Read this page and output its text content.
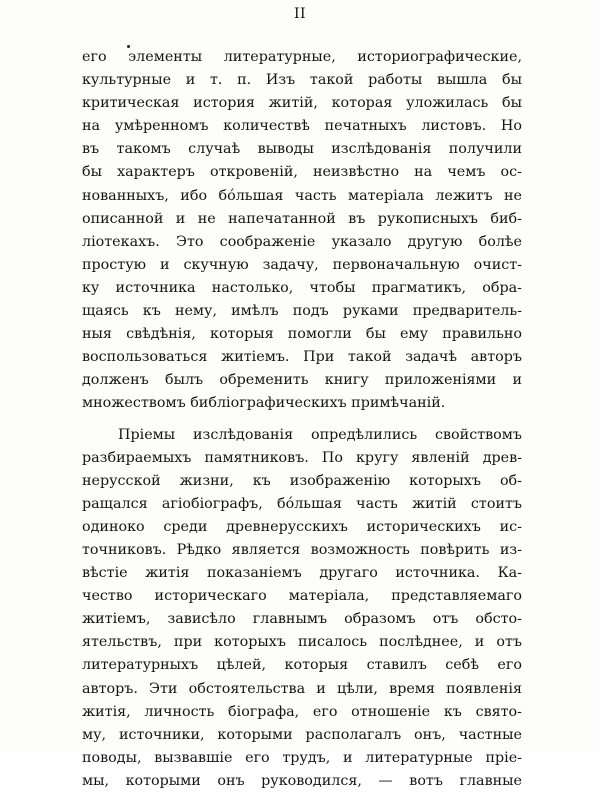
II
его элементы литературные, историографические,
культурные и т. п. Изъ такой работы вышла бы
критическая история житій, которая уложилась бы
на умѣренномъ количествѣ печатныхъ листовъ. Но
въ такомъ случаѣ выводы изслѣдованія получили
бы характеръ откровеній, неизвѣстно на чемъ ос-
нованныхъ, ибо бóльшая часть матеріала лежитъ не
описанной и не напечатанной въ рукописныхъ биб-
ліотекахъ. Это соображеніе указало другую болѣе
простую и скучную задачу, первоначальную очист-
ку источника настолько, чтобы прагматикъ, обра-
щаясь къ нему, имѣлъ подъ руками предваритель-
ныя свѣдѣнія, которыя помогли бы ему правильно
воспользоваться житіемъ. При такой задачѣ авторъ
долженъ былъ обременить книгу приложеніями и
множествомъ библіографическихъ примѣчаній.
Пріемы изслѣдованія опредѣлились свойствомъ
разбираемыхъ памятниковъ. По кругу явленій древ-
нерусской жизни, къ изображенію которыхъ об-
ращался агіобіографъ, бóльшая часть житій стоитъ
одиноко среди древнерусскихъ историческихъ ис-
точниковъ. Рѣдко является возможность повѣрить из-
вѣстіе житія показаніемъ другаго источника. Ка-
чество историческаго матеріала, представляемаго
житіемъ, зависѣло главнымъ образомъ отъ обсто-
ятельствъ, при которыхъ писалось послѣднее, и отъ
литературныхъ цѣлей, которыя ставилъ себѣ его
авторъ. Эти обстоятельства и цѣли, время появленія
житія, личность біографа, его отношеніе къ свято-
му, источники, которыми располагалъ онъ, частные
поводы, вызвавшіе его трудъ, и литературные пріе-
мы, которыми онъ руководился, — вотъ главные
